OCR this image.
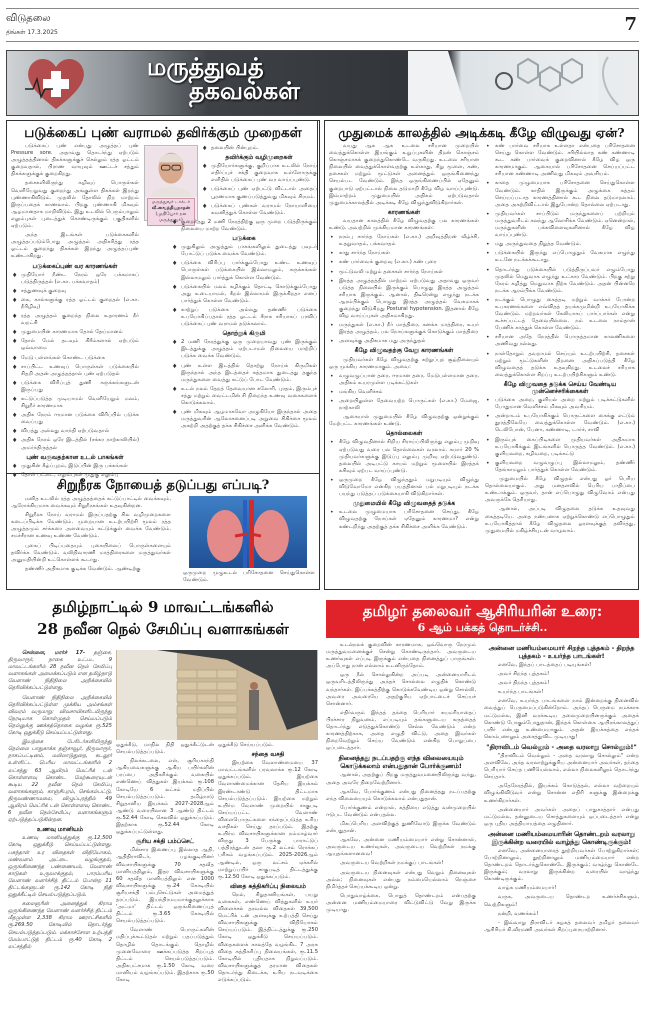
விடுதலை
திங்கள் 17.3.2025	7
மருத்துவத்
தகவல்கள்
படுக்கைப் புண் வராமல் தவிர்க்கும் முறைகள்

படுக்கைப் புண் என்பது அழுத்தப் புண் Pressure sore. அதாவது தொடர்ந்து ஏற்படும் அழுத்தத்தினால் திசுக்களுக்குச் செல்லும் ரத்த ஓட்டம் குறைவதால், பிராண வாயுவும் ஊட்டச் சத்தும் திசுக்களுக்குக் குறைகிறது.

தசைகளிலிருந்து கழிவுப் பொருள்கள் வெளியேறுவது குறைந்து அங்குள்ள திசுக்கள் இறந்து புண்ணாகிவிடும். முதலில் தோலில் நிற மாற்றம் இருப்பதைக் காணலாம். பிறகு புண்ணாகி மிகவும் ஆழமானதாக மாறிவிடும். இது உடலில் பெரும்பாலும் எலும்புகள் புடைத்துக் கொண்டிருக்கும் பகுதிகளில் ஏற்படும்.

அந்த இடங்கள் படுக்கைகளில் அழுத்தப்படும்போது அழுத்தம் அதிகரித்து ரத்த ஓட்டம் குறைந்து திசுக்கள் இறந்து அழுத்தப்புண் உண்டாகிறது.

படுக்கைப்புண் வர காரணங்கள்
♦ முதியோர் நீண்ட நேரம் ஒரே பக்கமாகப் படுத்திருத்தல் (எ.கா. பக்கவாதம்)
♦ சத்துணவுக் குறைவு
♦ கை, கால்களுக்கு ரத்த ஓட்டம் குறைதல் (எ.கா. நீரிழிவு)
♦ ரத்த அழுத்தம் குறைந்த நிலை உதாரணம் நீர் வறட்சி
♦ முதுமையின் காரணமாக தோல் தேய்மானம்
♦ தோல் மேல் தடவும் கிரீம்களால் ஏற்படும் ஒவ்வாமை
♦ மேடு பள்ளங்கள் கொண்ட படுக்கை
♦ சாப்பிட்ட உணவுப் பொருள்கள் படுக்கையில் சிதறி அதன் அழுத்தத்தால் புண் ஏற்படுதல்
♦ படுக்கை விரிப்புத் துணி சுருக்கங்களுடன் இருப்பது
♦ கட்டுப்படுத்த முடியாமல் வெளியேறும் மலம், சிறுநீர் காரணமாக
♦ அதிக நேரம் ஈரமான படுக்கை விரிப்பில் படுக்க வைப்பது
♦ விபத்து அல்லது வாந்தி ஏற்படுவதால்
♦ அதிக நேரம் ஒரே இடத்தில் (சக்கர நாற்காலியில்) அமர்ந்திருத்தல்
புண் வருவதற்கான உடல் பாகங்கள்
♦ முதுகின் கீழ்ப்புறம், இடுப்பின் இரு பக்கங்கள்
♦ தோள் பட்டை, எலும்புகள் முதுகு எலும்பு
மருத்துவர் டாக்டர்
வீ.வைத்தியநாதன்
(முதியோர் நல மருத்துவர்)
♦ தலையின் பின்புறம்.
தவிர்க்கும் வழிமுறைகள்
♦ முதியோர்களுக்கு, குறிப்பாக உடலில் நோய் எதிர்ப்புச் சக்தி குறைவாக உள்ளோருக்கு எளிதில் படுக்கைப் புண் வர வாய்ப்புண்டு.
♦ படுக்கைப் புண் ஏற்பட்டு விட்டால் அதைப் பூரணமாக குணப்படுத்துவது மிகவும் சிரமம்.
♦ படுக்கைப் புண்கள் வராமல் நோயாளியை கவனித்துக் கொள்ள வேண்டும்.
♦ குறைந்தது 2 மணி நேரத்திற்கு ஒரு முறை படுத்திருக்கும் நிலையை மாற்ற வேண்டும்.
படுக்கை
♦ முதுகிலும் அழுத்தும் பாகங்களிலும் துடைத்து பவுடர் போட்டுப் படுக்க வைக்க வேண்டும்.
♦ படுக்கை விரிப்பு பார்க்கும்போது உண்ட உணவுப் பொருள்கள் படுக்கையில் இல்லாமலும், சுருக்கங்கள் இல்லாமலும் பார்த்துக் கொள்ள வேண்டும்.
♦ படுக்கையில் மலம் கழிக்கும் தொட்டி கொடுக்கும்போது அது உடையாமல், கீறல் இல்லாமல் இருக்கிறதா எனப் பார்த்துக் கொள்ள வேண்டும்.
♦ காற்றுப் படுக்கை அல்லது தண்ணீர் படுக்கை உபயோகிப்பதால் ரத்த ஓட்டம் சீராக சரியாகப் பரவிப் படுக்கைப் புண் வராமல் தடுக்கலாம்.
தொற்றுக் கிருமி
♦ 2 மணி நேரத்துக்கு ஒரு முறையாவது புண் இருக்கும் இடத்துக்கு அழுத்தம் ஏற்படாமல் நிலையை மாற்றிப் படுக்க வைக்க வேண்டும்.
♦ புண் உள்ள இடத்தில் தொற்று நோய்க் கிருமிகள் இருந்தால் அந்த இடத்தைச் சுத்தமாக துடைத்து தகுந்த மருந்துகளை வைத்து கட்டுப் போட வேண்டும்.
♦ உடல் நலம் தேறத் தேவையான கலோரி, புரதம், இரும்புச் சத்து மற்றும் வைட்டமின் சி நிறைந்த உணவு வகைகளைக் கொடுக்கலாம்.
♦ புண் மிகவும் ஆழமாகவோ அழுகியோ இருந்தால் அதை மருத்துவரின் ஆலோசனைப்படி அறுவை சிகிச்சை மூலம் அகற்றி அதற்குத் தக்க சிகிச்சை அளிக்க வேண்டும்.
சிறுநீரக நோயைத் தடுப்பது எப்படி?

மனித உடலில் ரத்த அழுத்தத்தைக் கட்டுப்பாட்டில் வைக்கவும், ஆரோக்கியமாக வைக்கவும் சிறுநீரகங்கள் உதவுகின்றன.

சிறுநீரக நோய் வராமல் இருப்பதற்கு சில வழிமுறைகளை கடைப்பிடிக்க வேண்டும். முறையான உடற்பயிற்சி மூலம் ரத்த அழுத்தமும் சர்க்கரை அளவையும் கட்டுக்குள் வைக்க வேண்டும். சமச்சீரான உணவு உண்ண வேண்டும்.

புகைப் பிடிப்பதையும் புகையிலைப் பொருள்களையும் தவிர்க்க வேண்டும். வலிநிவாரணி மாத்திரைகளை மருத்துவர்கள் அனுமதியின்றி உட்கொள்ளக் கூடாது.

தண்ணீர் அதிகமாக குடிக்க வேண்டும். ஆண்டிற்கு

ஒருமுறை முழுஉடல் பரிசோதனை செய்துகொள்ள வேண்டும்.
முதுமைக் காலத்தில் அடிக்கடி கீழே விழுவது ஏன்?

வயது ஆக ஆக உடலை சரியான முறையில் வைத்துக்கொள்ள இயங்கும் உறுப்புகளின் திறன் கொஞ்சம் கொஞ்சமாகக் குறைந்துகொண்டே வருகிறது. உடலை சரியான நிலையில் வைத்துக்கொள்வதற்கு உள்காது, சிறு மூளை, கண், தசைகள் மற்றும் மூட்டுகள் அனைத்தும் ஒருங்கிணைந்து செயல்பட வேண்டும். இந்த ஒருங்கிணைப்பில் ஏதேனும் குறைபாடு ஏற்பட்டால் நிலை தடுமாறி கீழே விழ வாய்ப்புண்டு. இம்மாற்றம் முதுமையில் அதிகம் ஏற்படுவதால் முதுமைக்காலத்தில் அடிக்கடி கீழே விழுந்துவிடுகிறார்கள்.

காரணங்கள்

வயதான காலத்தில் கீழே விழுவதற்கு பல காரணங்கள் உண்டு. அவற்றில் முக்கியமான காரணங்கள்:

• நரம்பு சார்ந்த நோய்கள் (எ.கா.) அறிவுத்திறன் வீழ்ச்சி, உதறுவாதம், பக்கவாதம்
• காது சார்ந்த நோய்கள்
• கண் பார்வைக் குறைவு (எ.கா.) கண் புரை
• மூட்டுவலி மற்றும் தசைகள் சார்ந்த நோய்கள்
• இரத்த அழுத்தத்தில் மாற்றம் ஏற்படுவது அதாவது ஒருவர் படுத்த நிலையில் இருக்கும் பொழுது இரத்த அழுத்தம் சரியாக இருக்கும். ஆனால், திடீரென்று எழுந்து நடக்க ஆரம்பிக்கும் பொழுது இரத்த அழுத்தம் வேகமாகக் குறைந்து விடுகிறது Postural hypotension. இதனால் கீழே விழ வாய்ப்புகள் அதிகமாகிறது.
• மருந்துகள் (எ.கா.) நீர் மாத்திரை, கனக்க மாத்திரை, உயர் இரத்த அழுத்தம், பல நோய்களுக்குக் கொடுக்கும் மாத்திரை
• அளவுக்கு அதிகமாக மது அருந்துதல்
கீழே விழுவதற்கு வேறு காரணங்கள்

முதியவர்கள் கீழே விழுவதற்கு சுற்றுப்புற சூழ்நிலையும் ஒரு முக்கிய காரணமாகும். அவை:

• வழுவழுப்பான தரை, ஈரமான தரை, மேடுபள்ளமான தரை, அதிகம் உயரமுள்ள படிக்கட்டுகள்
• மங்கிய வெளிச்சம்
• அறையிலுள்ள தேவையற்ற பொருட்கள் (எ.கா.) மேஜை, நாற்காலி

ஆகையால் முதுமையில் கீழே விழுவதற்கு ஒன்றுக்கும் மேற்பட்ட காரணங்கள் உண்டு.

தொல்லைகள்
• கீழே விழுவதினால் சிறிய சிராய்ப்பிலிருந்து எலும்பு முறிவு ஏற்படுவது வரை பல தொல்லைகள் வரலாம். சுமார் 20 % முதியவர்களுக்கு இடுப்பு எலும்பு முறிவு ஏற்படுவதுண்டு. தலையில் அடிபட்டு காயம் மற்றும் மூளையில் இரத்தக் கசிவும் ஏற்பட வாய்ப்புண்டு.
• ஒருமுறை கீழே விழுந்ததும் மறுபடியும் விழுந்து விடுவோமோ என்கிற பயத்தினால் பல் மறுபடியும் நடக்க பயந்து படுத்தப் படுக்கையாகி விடுகிறார்கள்.
முதுமையில் கீழே விழுவதைத் தடுக்க
• உடலை முழுமையாக பரிசோதனை செய்து, கீழே விழுவதற்கு நோய்கள் ஏதேனும் காரணமா? என்று கண்டறிந்து அதற்குத் தக்க சிகிச்சை அளிக்க வேண்டும்.
• கண் பார்வை சரியாக உள்ளதா என்பதை பரிசோதனை செய்து கொள்ள வேண்டும். சரியில்லாத கண் கண்ணாடி கூட கண் பார்வைக் குறைவினால் கீழே விழ ஒரு காரணமாகும். ஆகையால் பரிசோதனை செய்யப்பட்ட சரியான கண்ணாடி அணிவது மிகவும் அவசியம்.
• காதை முழுமையாக பரிசோதனை செய்துகொள்ள வேண்டும். காதில் இருக்கும் அழுக்கை சுத்தம் செய்யப்படாத காரணத்தினால் கூட நிலை தடுமாறலாம். அதை அகற்றிவிட்டால் இதுபோன்ற தொல்லை ஏற்படாது.
• முதியவர்கள் சாப்பிடும் மருந்துகளைப் பற்றியும் மருத்துவரிடம் கலந்து ஆலோசிக்க வேண்டும். ஏனென்றால், மருந்துகளின் பக்கவிளைவுகளினால் கீழே விழ வாய்ப்புண்டு.
• மது அருந்துவதை நிறுத்த வேண்டும்.
• படுக்கையில் இருந்து எப்பொழுதும் வேகமாக எழுந்து உடனே நடக்கக்கூடாது.
• தொடர்ந்து படுக்கையில் படுத்திருப்பவர் எழும்போது முதலில் மெதுவாக எழுந்து உட்கார வேண்டும். பிறகு சற்று நேரம் கழித்து மெதுவாக நிற்க வேண்டும். அதன் பின்னரே நடக்க ஆரம்பிக்க வேண்டும்.
• நடக்கும் பொழுது கைத்தடி மற்றும் வாக்கர் போன்ற உபகரணங்களை எவ்விதத் தயக்கமுமின்றி உபயோகிக்க வேண்டும். மற்றவர்கள் கேலியாகப் பார்ப்பார்கள் என்று கூச்சப்பட்டத் தேவையில்லை. நம் உடலை நாம்தான் பேணிக் காத்துக் கொள்ள வேண்டும்.
• சரியான அதே நேரத்தில் பொருத்தமான காலணிகளை அணிவது நல்லது.
• நாள்தோறும் தவறாமல் செய்யும் உடற்பயிற்சி, தசைகள் மற்றும் மூட்டுகளின் திறனை அதிகப்படுத்தி கீழே விழுவதைத் தடுக்க உதவுகிறது. உடலைச் சரியாக வைத்துக்கொள்ள சிறப்பு உடற்பயிற்சிகளும் உண்டு.
கீழே விழுவதை தடுக்க செய்ய வேண்டிய முன்னெச்சரிக்கைகள்
• படுக்கை அறை, குளியல் அறை மற்றும் படிக்கட்டுகளில் போதுமான வெளிச்சம் மிகவும் அவசியம்.
• அன்றாடம் உபயோகிக்கும் பொருட்களை கைக்கு எட்டும் தூரத்திலேயே வைத்துக்கொள்ள வேண்டும். (எ.கா.) டெலிபோன், பேனா, கண்ணாடி, டார்ச், சாவி
• இரும்புக் கைப்பிடிகளை முதியவர்கள் அதிகமாக உபயோகிக்கும் இடங்களில் பொருத்த வேண்டும். (எ.கா.) குளியலறை, கழிவறை, படிக்கட்டு
• குளியலறை வழுவழுப்பு இல்லாமலும், தண்ணீர் தேங்காமலும் பார்த்துக் கொள்ள வேண்டும்.

முதுமையில் கீழே விழுதல் என்பது ஓர் பெரிய தொல்லையாகும். அது மனதளவில் பெரிய பாதிப்பை உண்டாக்கும். ஒருவர், தான் எப்பொழுது விழுவோம் என்பது அவருக்கே தெரியாது.

ஆனால், அப்படி விழுதலை தடுக்க உதவுவது கைத்தடியே. அதை நண்பனாக ஏற்றுக்கொண்டு எப்பொழுதும் உபயோகித்தால் கீழே விழுதலை ஓரளவுக்குத் தவிர்த்து, முதுமையில் மகிழ்ச்சியுடன் வாழலாம்.

தமிழ்நாட்டில் 9 மாவட்டங்களில்
28 நவீன நெல் சேமிப்பு வளாகங்கள்

சென்னை, மார்ச் 17- தஞ்சை, திருவாரூர், நாகை உட்பட 9 மாவட்டங்களில் 28 நவீன நெல் சேமிப்பு வளாகங்கள் அமைக்கப்படும் என தமிழ்நாடு வேளாண் நிதிநிலை அறிக்கையில் தெரிவிக்கப்பட்டுள்ளது.

வேளாண் நிதிநிலை அறிக்கையில் தெரிவிக்கப்பட்டுள்ள முக்கிய அம்சங்கள் விவரம் வருமாறு: விவசாயிகளிடமிருந்து நேரடியாக கொள்முதல் செய்யப்படும் நெல்லுக்கு ஊக்கத்தொகை வழங்க ரூ.525 கோடி ஒதுக்கீடு செய்யப்பட்டுள்ளது.

இயற்கை பேரிடர்களிலிருந்து நெல்லை பாதுகாக்க தஞ்சாவூர், திருவாரூர், நாகப்பட்டினம், மயிலாடுதுறை, கடலூர் உள்ளிட்ட பெரிய மாவட்டங்களில் 2 லட்சத்து 63 ஆயிரம் மெட்ரிக் டன் கொள்ளளவு கொண்ட மேற்கூரையுடன் கூடிய 22 நவீன நெல் சேமிப்பு வளாகங்களும், காஞ்சிபுரம், செங்கல்பட்டு, திருவண்ணாமலை, விழுப்புரத்தில் 49 ஆயிரம் மெட்ரிக் டன் கொள்ளளவு கொண்ட 6 நவீன நெல்சேமிப்பு வளாகங்களும் ஏற்படுத்தப்படுகின்றன.

உணவு மானியம்

உணவு மானியத்துக்கு ரூ.12,500 கோடி ஒதுக்கீடு செய்யப்பட்டுள்ளது. பசுந்தாள் உர விதைகள் விநியோகம், மண்வளம் அட்டை வழங்குதல், ஒருங்கிணைந்த பண்ணையம், வேளாண் காடுகள் உருவாக்குதல், பாரம்பரிய வேளாண் வளர்ச்சித் திட்டம் போன்ற 11 திட்டங்களுடன் ரூ.142 கோடி நிதி ஒதுக்கீட்டில் செயல்படுத்தப்படும்.

கலைஞரின் அனைத்துக் கிராம ஒருங்கிணைந்த வேளாண் வளர்ச்சித் திட்டம் மீதமுள்ள 2,338 கிராம ஊராட்சிகளில் ரூ.269.50 கோடியில் தொடர்ந்து செயல்படுத்தப்படும். மக்காச்சோள உற்பத்தி மேம்பாட்டுத் திட்டம் ரூ.40 கோடி 2 லட்சத்தில்

ஒதுக்கீடு, மாநில நிதி ஒதுக்கீட்டுடன் செயல்படுத்தப்படும்.

நிலக்கடலை, எள், சூரியகாந்தி ஆகியவைகளுக்கு ஆகிய பயிர்களின் பரப்பை அதிகரிக்கும் வகையில் எண்ணெய் வித்துகள் இயக்கம் ரூ.108 கோடியே 6 லட்சம் மதிப்பில் செயல்படுத்தப்படும். தமிழ்நாடு சிறுதானிய இயக்கம் 2027-2028ஆம் ஆண்டு வரையிலான 3 ஆண்டு திட்டம் ரூ.52.44 கோடி செலவில் ஒதுக்கப்படும். இதற்காக ரூ.52.44 கோடி ஒதுக்கப்பட்டுள்ளது.

சூரிய சக்தி பம்ப்செட்

மின்சார இணைப்பு இல்லாத ஆதி, ஆதிதிராவிடர், பழங்குடியினர் விவசாயிகளுக்கு 70 சதவீத மானியத்திலும், இதர விவசாயிகளுக்கு 60 சதவீத மானியத்திலும் என 1000 விவசாயிகளுக்கு ரூ.24 கோடியில் சூரியசக்தி பம்புசெட்டுகள் அமைத்துத் தரப்படும். இயந்திரமயமாக்குதலுக்காக 'அட்மா' திட்டம் ஒருங்கிணைப்புத் திட்டம் ரூ.3.65 கோடியில் செயல்படுத்தப்படும்.

வேளாண் பொருட்களின் மதிப்புக்கூட்டுதல் மற்றும் பதப்படுத்தும் தொழில் தொடங்கும் தொழில் முனைவோரை ஊக்கப்படுத்த சிறப்புத் திட்டம் செயல்படுத்தப்படும். அதிகபட்சமாக ரூ.1.50 கோடி வரை மானியம் வழங்கப்படும். இதற்காக ரூ.50 கோடி

ஒதுக்கீடு செய்யப்படும்.

சந்தை வசதி

இயற்கை வேளாண்மையை 37 மாவட்டங்களில் பரவலாக்க ரூ.12 கோடி ஒதுக்கப்படும். இயற்கை வேளாண்மைக்கான தேசிய இயக்கம் இரண்டாண்டு திட்டமாக செயல்படுத்தப்படும். இயற்கை மற்றும் உயிர்ம வேளாண் முறையில் சாகுபடி செய்யப்பட்ட வேளாண் விளைபொருட்களை சந்தைப்படுத்த உரிய வசதிகள் செய்து தரப்படும். இதற்கு உயிர்ம விவசாயிகளுக்கான நம்மாழ்வார் விருது 3 பேருக்கு பாராட்டுப் பத்திரத்துடன் தலா ரூ.2 லட்சம் ரொக்கப் பரிசும் வழங்கப்படும். 2025-2026ஆம் ஆண்டில், ஒரு லட்சம் ஏக்கரில் மாற்றுப்பயிர் சாகுபடித் திட்டத்துக்கு ரூ.12.50 கோடி ஒதுக்கப்படும்.

விதை சுத்திகரிப்பு நிலையம்

நெல், சிறுதானியங்கள், பயறு வகைகள், எண்ணெய் வித்துகளில் உயர் விளைச்சல் தரவல்ல விதைகள் 39,500 மெட்ரிக் டன் அளவுக்கு உற்பத்தி செய்து விவசாயிகளுக்கு விநியோகம் செய்யப்படும். இத்திட்டத்துக்கு ரூ.250 கோடி ஒதுக்கீடு செய்யப்படும். விதைகளைக் காலத்தே வழங்கிட 7 அரசு விதை சுத்திகரிப்பு நிலையங்கள், ரூ.11.5 கோடியில் புதியதாக நிறுவப்படும். விவசாயிகளுக்குத் தரமான விதைகள் தொடர்ந்து கிடைக்க, உரிய நடவடிக்கை எடுக்கப்படும்.

தமிழர் தலைவர் ஆசிரியரின் உரை:
6 ஆம் பக்கத் தொடர்ச்சி..

உடல்நலக் குறைவின் காரணமாக, ஒவ்வொரு நேரமும் மருத்துவமனைக்குச் சென்று கொண்டிருந்தார். அவருடைய உணர்வுகள் எப்படி இருக்கும் என்பதை நினைத்துப் பாருங்கள். அப்போது நான் எல்லாம் உடனிருந்தோம்.

ஒரு நீல் சொல்லுகின்ற அப்படி அன்னையாரிடம் ஒருவரிடத்திலிருந்து அந்தச் சொல்லை எழுதிக் கொண்டு வந்தார்கள். இப்பக்கத்திற்கு கொடுக்கவேண்டிய ஒன்று சொல்லி, அவரை அவரையே அதற்குரிய ஏற்பாட்டைச் செய்யச் சொன்னார்.

எதிர்வரும் இந்தத் தந்தை பெரியார் சுயமரியாதைப் பிரச்சார நிறுவனம், எப்படியும் தங்களுடைய கருத்தைத் தொடர்ந்து எடுத்துக்கொண்டு செல்ல வேண்டும் என்ற காரணத்திற்காக, அதை எழுதி விட்டு, அதை இவர்கள் நிறைவேற்றும் செய்ய வேண்டும் என்கிற பொறுப்பை ஒப்படைத்தார்.

நினைத்தது நடப்பதற்கு எந்த விலையையும் கொடுக்கலாம் என்பதுதான் போர்க்குணம்!

ஆனால், அதற்குப் பிறகு மருத்துவமனையிலிருந்து வந்து, அதை அவரே நிறைவேற்றினார்.

ஆகவே, போர்க்குணம் என்பது நினைத்தது நடப்பதற்கு எந்த விலையையும் கொடுக்கலாம் என்பதுதான்.

போர்க்குணம் என்றால், கத்தியை எடுத்து வன்முறையில் ஈடுபட வேண்டும் என்பதல்ல.

மிகப்பெரிய அளவிற்குத் துணிவோடு இருக்க வேண்டும் என்பதுதான்.

ஆகவே, அன்னை மணியம்மையார் என்று சொன்னால், அவருடைய உணர்வுகள், அவருடைய வெற்றிகள் நமக்கு ஆயுதங்களானவை!

அவருடைய வெற்றிகள் நமக்குப் பாடங்கள்!

அவருடைய நினைவுகள் என்பது வெறும் நினைவுகள் அல்ல; நினைவுகள் என்பது நம்மையெல்லாம் நெஞ்சை நிமிர்த்தச் செய்யக்கூடிய ஒன்று.

பொதுவாழ்க்கை, பொதுத் தொண்டறம் என்பதற்கு அன்னை மணியம்மையாரை விட்டுவிட்டு வேறு இருக்க முடியாது.

அன்னை மணியம்மையார் சிறந்த புத்தகம் - திறந்த புத்தகம் - உயர்ந்த பாடங்கள்!

எனவே, இந்தப் பாடத்தைப் படியுங்கள்!

அவர் சிறந்த புத்தகம்!

அவர் திறந்த புத்தகம்!

உயர்ந்த பாடங்கள்!

எனவே, உயர்ந்த பாடங்களை நாம் இன்றைக்கு நினைவில் வைத்துப் பெருமைப்படுகின்றோம். அந்தப் பெருமை நமக்காக மட்டுமல்ல, இனி வரக்கூடிய தலைமுறையினருக்கும் அதைக் கொண்டு போகும்போதுதான், இந்தக் கொள்கை ஆயிரங்காலத்துப் பயிர் என்பது உண்மையாகும். அதன் இயக்கத்தை எந்தக் கொம்பனாலும் அசைத்துவிட முடியாது!

"திராவிடம் வெல்லும் - அதை வரலாறு சொல்லும்!"

"திராவிடம் வெல்லும் - அதை வரலாறு சொல்லும்" என்ற அளவிலே, அந்த வரலாற்றுக்குரிய அன்னையார் அவர்கள், தந்தை பெரியார் செய்த பணியெல்லாம், எல்லா நிலைகளிலும் தொடர்ந்து செய்தார்.

அதேநேரத்தில், இயக்கம் கொடுத்தல், எல்லா வற்றையும் விழுங்கிவிடுவர் என்று சொன்ன எதிரி களுக்கு இன்றைக்கு உணர்கிறார்கள்.

அன்னையார் அவர்கள் அதைப் பாதுகாத்தார் என்பது மட்டுமல்ல, தன்னுடைய சொத்துகளையும் ஒப்படைத்தார் என்று ஒரு புதிய அத்தியாயத்தை எழுதினார்.

அன்னை மணியம்மையாரின் தொண்டறம் வரலாறு இருக்கின்ற வரையில் வாழ்ந்து கொண்டிருக்கும்!

எனவே, அன்னையாரைத் தூற்றியவர்கள் போற்றுகிறார்கள்; போற்றினாலும், தூற்றினாலும் மணியம்மையார் என்ற தொண்டறம் தொடர்ந்துகொண்டே இருக்கும்; வாழ்ந்து கொண்டே இருக்கும்; வரலாறு இருக்கின்ற வரையில் வாழ்ந்து கொண்டிருக்கும்.

வாழ்க மணியம்மையார்!

வருக, அவருடைய தொண்டற உணர்ச்சிகளும், வெற்றிகளும்!

நன்றி, வணக்கம்!

- இவ்வாறு திராவிடர் கழகத் தலைவர் தமிழர் தலைவர் ஆசிரியர் கி.வீரமணி அவர்கள் சிறப்புரையாற்றினார்.
